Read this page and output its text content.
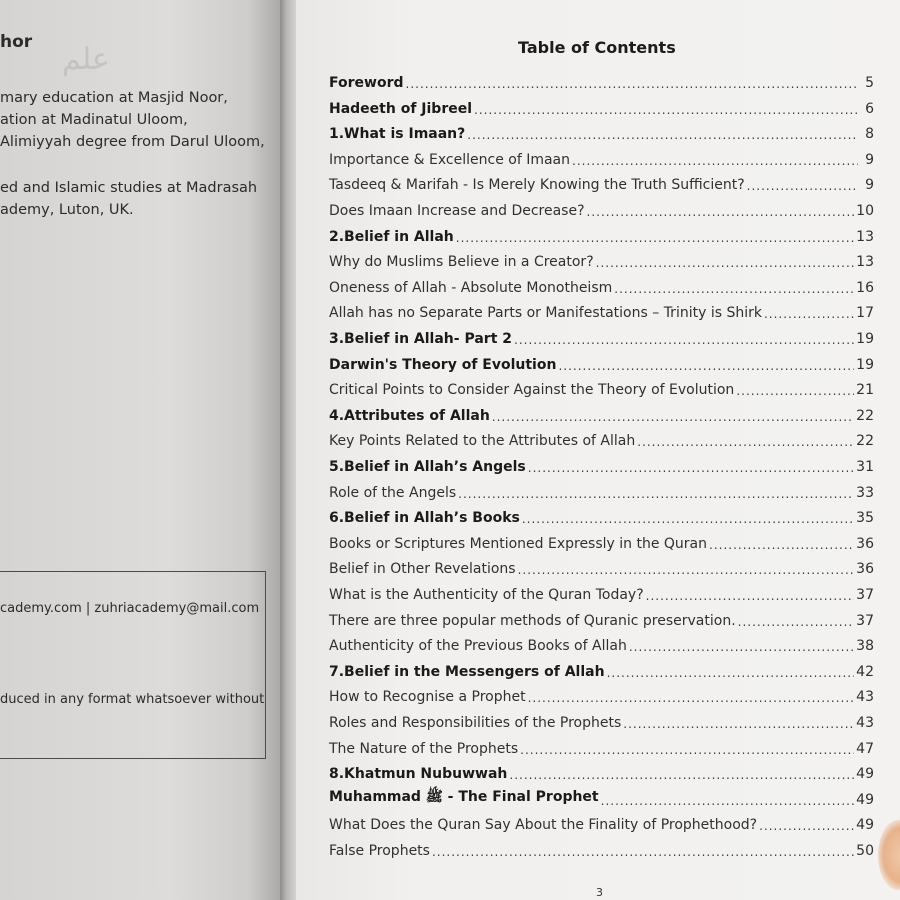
ﻋﻠﻢ
hor
mary education at Masjid Noor,
ation at Madinatul Uloom,
Alimiyyah degree from Darul Uloom,
ed and Islamic studies at Madrasah
ademy, Luton, UK.
cademy.com | zuhriacademy@mail.com
duced in any format whatsoever without
Table of Contents
Foreword .....	5
Hadeeth of Jibreel .....	6
1.What is Imaan? .....	8
Importance & Excellence of Imaan .....	9
Tasdeeq & Marifah - Is Merely Knowing the Truth Sufficient? .....	9
Does Imaan Increase and Decrease? .....	10
2.Belief in Allah .....	13
Why do Muslims Believe in a Creator? .....	13
Oneness of Allah - Absolute Monotheism .....	16
Allah has no Separate Parts or Manifestations – Trinity is Shirk .....	17
3.Belief in Allah- Part 2 .....	19
Darwin's Theory of Evolution .....	19
Critical Points to Consider Against the Theory of Evolution .....	21
4.Attributes of Allah .....	22
Key Points Related to the Attributes of Allah .....	22
5.Belief in Allah’s Angels .....	31
Role of the Angels .....	33
6.Belief in Allah’s Books .....	35
Books or Scriptures Mentioned Expressly in the Quran .....	36
Belief in Other Revelations .....	36
What is the Authenticity of the Quran Today? .....	37
There are three popular methods of Quranic preservation. .....	37
Authenticity of the Previous Books of Allah .....	38
7.Belief in the Messengers of Allah .....	42
How to Recognise a Prophet .....	43
Roles and Responsibilities of the Prophets .....	43
The Nature of the Prophets .....	47
8.Khatmun Nubuwwah .....	49
Muhammad ﷺ - The Final Prophet .....	49
What Does the Quran Say About the Finality of Prophethood? .....	49
False Prophets .....	50
3
